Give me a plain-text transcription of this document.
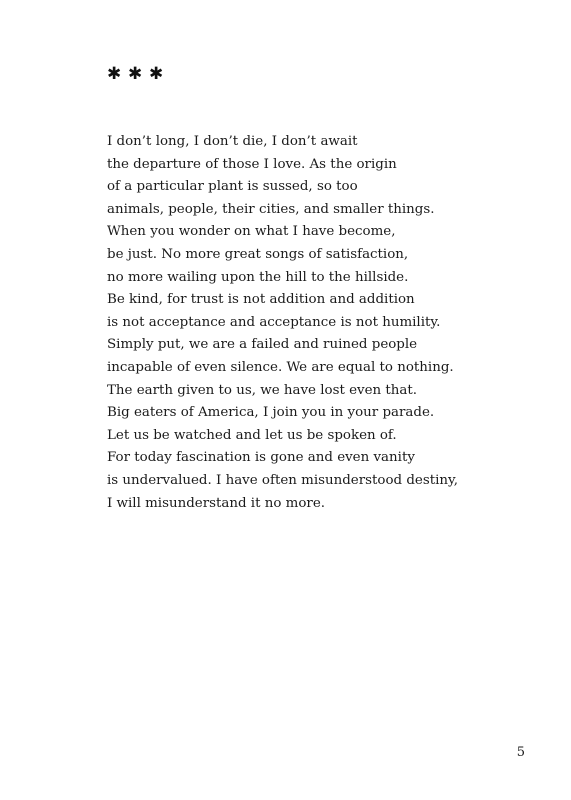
✱ ✱ ✱
I don’t long, I don’t die, I don’t await
the departure of those I love. As the origin
of a particular plant is sussed, so too
animals, people, their cities, and smaller things.
When you wonder on what I have become,
be just. No more great songs of satisfaction,
no more wailing upon the hill to the hillside.
Be kind, for trust is not addition and addition
is not acceptance and acceptance is not humility.
Simply put, we are a failed and ruined people
incapable of even silence. We are equal to nothing.
The earth given to us, we have lost even that.
Big eaters of America, I join you in your parade.
Let us be watched and let us be spoken of.
For today fascination is gone and even vanity
is undervalued. I have often misunderstood destiny,
I will misunderstand it no more.
5
